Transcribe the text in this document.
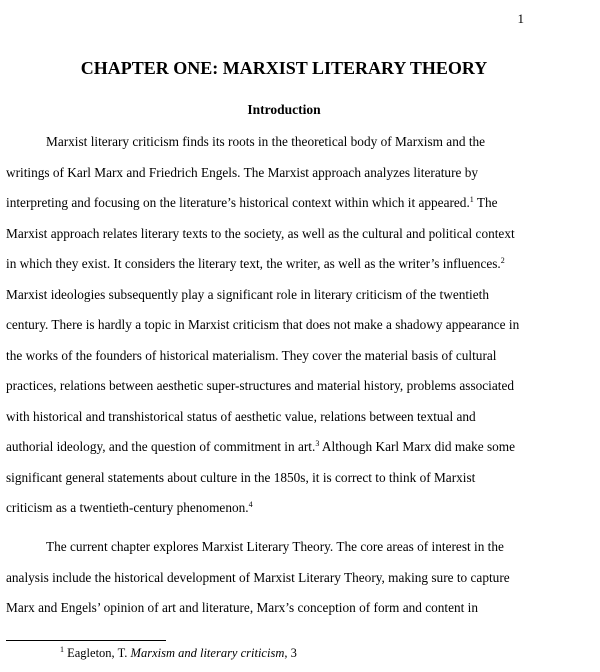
1
CHAPTER ONE: MARXIST LITERARY THEORY
Introduction
Marxist literary criticism finds its roots in the theoretical body of Marxism and the
writings of Karl Marx and Friedrich Engels. The Marxist approach analyzes literature by
interpreting and focusing on the literature’s historical context within which it appeared.$^1$ The
Marxist approach relates literary texts to the society, as well as the cultural and political context
in which they exist. It considers the literary text, the writer, as well as the writer’s influences.$^2$
Marxist ideologies subsequently play a significant role in literary criticism of the twentieth
century. There is hardly a topic in Marxist criticism that does not make a shadowy appearance in
the works of the founders of historical materialism. They cover the material basis of cultural
practices, relations between aesthetic super-structures and material history, problems associated
with historical and transhistorical status of aesthetic value, relations between textual and
authorial ideology, and the question of commitment in art.$^3$ Although Karl Marx did make some
significant general statements about culture in the 1850s, it is correct to think of Marxist
criticism as a twentieth-century phenomenon.$^4$
The current chapter explores Marxist Literary Theory. The core areas of interest in the
analysis include the historical development of Marxist Literary Theory, making sure to capture
Marx and Engels’ opinion of art and literature, Marx’s conception of form and content in
$^1$ Eagleton, T. Marxism and literary criticism, 3
